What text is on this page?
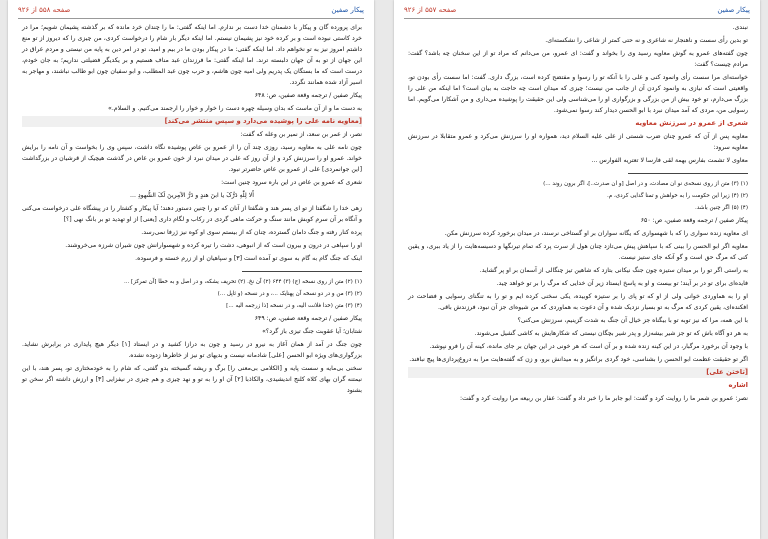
پیکار صفین
صفحه ۵۵۸ از ۹۲۶

برای پرورده گان و پیکار با دشمنان خدا دست بر ندارم. اما اینکه گفتی: ما را چندان خرد مانده که بر گذشته پشیمان شویم؛ مرا در خرد کاستی نبوده است و بر کرده خود نیز پشیمان نیستم. اما اینکه دیگر بار شام را درخواست کردی، من چیزی را که دیروز از تو منع داشتم امروز نیز به تو نخواهم داد. اما اینکه گفتی: ما در پیکار بودن ما در بیم و امید، تو در امر دین به پایه من نیستی و مردم عراق در این جهان از تو به آن جهان دلبسته ترند. اما اینکه گفتی: ما فرزندان عبد مناف هستیم و بر یکدیگر فضیلتی نداریم؛ به جان خودم، درست است که ما بستگان یک پدریم ولی امیه چون هاشم، و حرب چون عبد المطلب، و ابو سفیان چون ابو طالب نباشند، و مهاجر به اسیر آزاد شده همانند نگردد.

پیکار صفین / ترجمه وقعة صفین، ص: ۶۴۸

به دست ما و از آن ماست که بدان وسیله چهره دست را خوار و خوار را ارجمند می‌کنیم. و السلام.»

[معاویه نامه علی را پوشیده می‌دارد و سپس منتشر می‌کند]

نصر، از عمر بن سعد، از نمیر بن وعله که گفت:

چون نامه علی به معاویه رسید، روزی چند آن را از عمرو بن عاص پوشیده نگاه داشت، سپس وی را بخواست و آن نامه را برایش خواند. عمرو او را سرزنش کرد و از آن روز که علی در میدان نبرد از خون عمرو بن عاص در گذشت هیچیک از قرشیان در بزرگداشت [این جوانمردی] علی از عمرو بن عاص حاضرتر نبود.

شعری که عمرو بن عاص در این باره سرود چنین است:

أَلا لِلّٰهِ دَرُّکَ یا ابنَ هندٍ و دَرُّ الآمِرینَ لَکَ الشُّهودِ ...

زهی خدا را شگفتا از تو ای پسر هند و شگفتا از آنان که تو را چنین دستور دهند؛ آیا پیکار و کشتار را در پیشگاه علی درخواست می‌کنی و آنگاه بر آن سرم کوبش مانند سنگ و حرکت ماهی گردی در رکاب و لگام داری [یعنی] از او تهدید تو بر بانگ نهی [؟]

پرده کنار رفته و جنگ دامان گسترده، چنان که از بیستم سوی او کوه نیز ژرفا نمی‌رسد.

او را سپاهی در درون و بیرون است که از انبوهی، دشت را تیره کرده و شهسوارانش چون شیران شرزه می‌خروشند.

اینک که جنگ گام به گام به سوی تو آمده است [۳] و سپاهیان او از زرم خسته و فرسوده.

(۱) (۲) متن از روی نسخه (ج) (۳) ۶۴۴ (۲) آن نخ. (۲) تحریف یشکه، و در اصل و به خطا [آن تمرکز] ...

(۲) (۳) من و در دو نسخه آن پهنایک ...، و در نسخه (و ثاپل ...)

(۴) (۳) متن (خدا فلانت الیه، و در نسخه [ذا زرجمه الیه ...]

پیکار صفین / ترجمه وقعة صفین، ص: ۶۴۹

شتابان؛ آیا عقوبت جنگ تیزی باز گرد؟»

چون جنگ در آمد از همان آغاز به نیرو در رسید و چون به درازا کشید و در ایستاد [۱] دیگر هیچ پایداری در برابرش نشاید. بزرگواری‌های ویژه ابو الحسن [علی] شادمانه نیست و بدیهای تو نیز از خاطرها زدوده نشده.

سخنی بی‌مایه و سست پایه و [الکلامی بی‌معنی را] برگ و ریشه گسیخته بدو گفتی، که شام را به خودمختاری تو، پسر هند، با این نیمتنه گران بهای کلاه کلنج اندیشیدی، والکاذبا [۲] آن او را به تو و نهد چیزی و هم چیزی در نیفزایی [۳] و ارزش داشته اگر سخن تو بشنود

پیکار صفین
صفحه ۵۵۷ از ۹۲۶

نبندی.

تو بدین رأی سست و ناهنجار نه شاعری و نه حتی کمتر از شاعی را نشکسته‌ای.

چون گفته‌های عمرو به گوش معاویه رسید وی را بخواند و گفت: ای عمرو، من می‌دانم که مراد تو از این سخنان چه باشد؟ گفت: مرادم چیست؟ گفت:

خواسته‌ای مرا سست رأی وانمود کنی و علی را با آنکه تو را رسوا و مفتضح کرده است، بزرگ داری. گفت: اما سست رأی بودن تو، واقعیتی است که نیازی به وانمود کردن آن از جانب من نیست؛ چیزی که میدان است چه حاجت به بیان است؟ اما اینکه من علی را بزرگ می‌دارم، تو خود بیش از من بزرگی و بزرگواری او را می‌شناسی ولی این حقیقت را پوشیده می‌داری و من آشکارا می‌گویم. اما رسوایی من، مردی که آمد میدان نبرد با ابو الحسن دیدار کند رسوا نمی‌شود.

شعری از عمرو در سرزنش معاویه

معاویه پس از آن که عمرو چنان ضرب شستی از علی علیه السلام دید، همواره او را سرزنش می‌کرد و عمرو متقابلا در سرزنش معاویه سرود:

معاوی لا تشمت بفارس بهمة لقی فارسا لا تعتریه الفوارس ...

(۱) (۳) متن از روی نسخه‌ی نو ان مصادت، و در اصل [و ان صدرت..]، اگر برون روند ...)

(۲) (۴) زیرا این حکومت را به خواهش و تمنا گدایی کردی، م.

(۴) (۵) اگر چنین باشد.

پیکار صفین / ترجمه وقعة صفین، ص: ۶۵۰

ای معاویه زنده سواری را که با شهسواری که یگانه سواران بر او گستاخی نرسند، در میدان برخورد کرده سرزنش مکن.

معاویه اگر ابو الحسن را بینی که با سپاهش پیش می‌تازد چنان هول از سرت پرد که تمام تیرنگها و دسیسه‌هایت را از یاد ببری، و یقین کنی که مرگ حق است و گو آنکه جای ستیز نیست.

به راستی اگر تو را بر میدان ستیزه چون جنگ نیکانی بتازد که شاهین تیز چنگالی از آسمان بر او پر گشاید.

فایده‌ای برای تو در بر آیند؛ تو بیست و او به پاسخ ایستاد زیر آن خدایی که مرگ را بر تو خواهد چید.

او را به هماوردی خوانی ولی از او که تو پای را بر ستیزه کوبیده، یکی سخنی کرده ایم و تو را به تنگنای رسوایی و فضاحت در افکنده‌ای، یقین کردی که مرگ به تو بسیار نزدیک شده و آن دعوت به هماوردی که من شیوه‌ای جز آن نبود، فرزندش باقی.

با این همه، مرا که نیز توبه تو با بیگناه جز خیال آن جنگ به شدت گزینیم، سرزنش می‌کنی؟

به هر دو آگاه باش که تو جز شیر بیشه‌زار و پدر شیر بچگان نیستی که شکارهایش به کاشی گشیل می‌شوند.

با وجود آن برخورد مرگبار، در این کینه زنده شده و بر آن است که هر خونی در این جهان بر جای مانده، کینه آن را فرو نپوشد.

اگر تو حقیقت عظمت ابو الحسن را بشناسی، خود گردی برانگیز و به میدانش برو، و زن که گفته‌هایت مرا به دروغ‌پردازی‌ها پیچ نبافند.

[تاختن علی]

اشاره

نصر: عمرو بن شمر ما را روایت کرد و گفت: ابو جابر ما را خبر داد و گفت: عفار بن ربیعه مرا روایت کرد و گفت:
